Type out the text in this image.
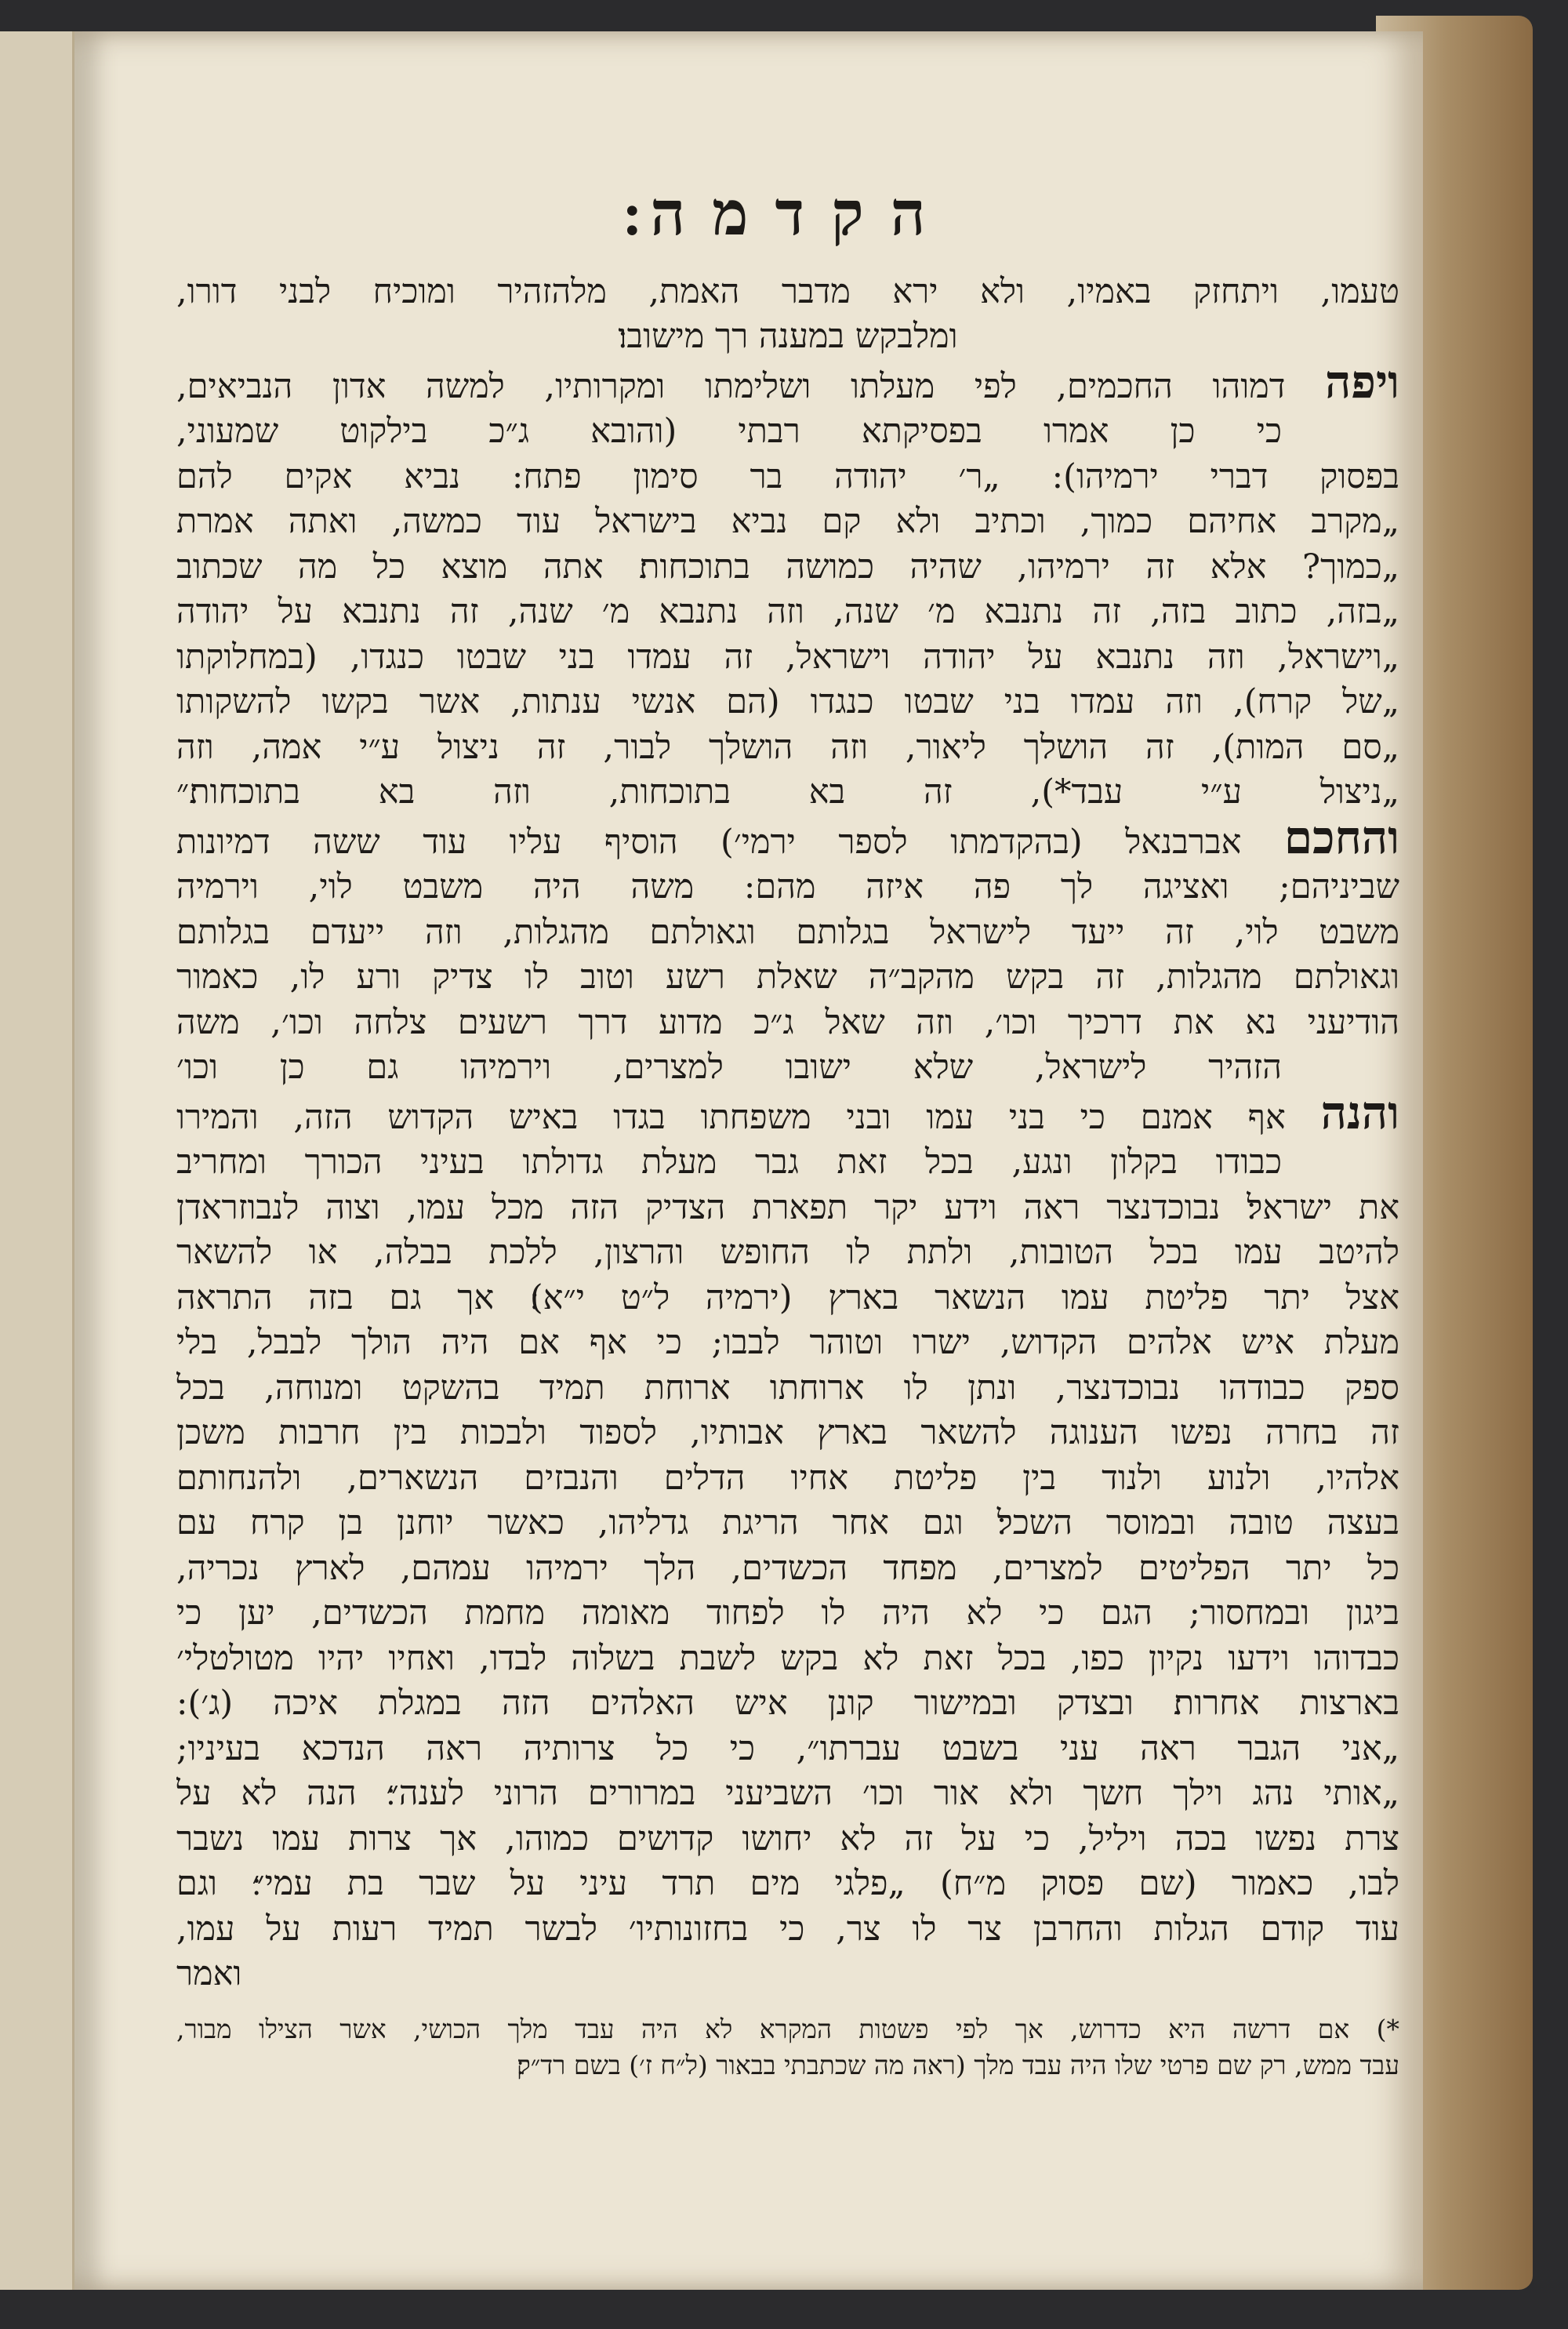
הקדמה׃
טעמו, ויתחזק באמיו, ולא ירא מדבר האמת, מלהזהיר ומוכיח לבני דורו,
ומלבקש במענה רך מישובו׃
ויפה דמוהו החכמים, לפי מעלתו ושלימתו ומקרותיו, למשה אדון הנביאים,
כי כן אמרו בפסיקתא רבתי (והובא ג״כ בילקוט שמעוני,
בפסוק דברי ירמיהו): „ר׳ יהודה בר סימון פתח: נביא אקים להם
„מקרב אחיהם כמוך, וכתיב ולא קם נביא בישראל עוד כמשה, ואתה אמרת
„כמוך? אלא זה ירמיהו, שהיה כמושה בתוכחות׃ אתה מוצא כל מה שכתוב
„בזה, כתוב בזה, זה נתנבא מ׳ שנה, וזה נתנבא מ׳ שנה, זה נתנבא על יהודה
„וישראל, וזה נתנבא על יהודה וישראל, זה עמדו בני שבטו כנגדו, (במחלוקתו
„של קרח), וזה עמדו בני שבטו כנגדו (הם אנשי ענתות, אשר בקשו להשקותו
„סם המות), זה הושלך ליאור, וזה הושלך לבור, זה ניצול ע״י אמה, וזה
„ניצול ע״י עבד*), זה בא בתוכחות, וזה בא בתוכחות׃״
והחכם אברבנאל (בהקדמתו לספר ירמי׳) הוסיף עליו עוד ששה דמיונות
שביניהם; ואציגה לך פה איזה מהם: משה היה משבט לוי, וירמיה
משבט לוי, זה ייעד לישראל בגלותם וגאולתם מהגלות, וזה ייעדם בגלותם
וגאולתם מהגלות, זה בקש מהקב״ה שאלת רשע וטוב לו צדיק ורע לו, כאמור
הודיעני נא את דרכיך וכו׳, וזה שאל ג״כ מדוע דרך רשעים צלחה וכו׳, משה
הזהיר לישראל, שלא ישובו למצרים, וירמיהו גם כן וכו׳
והנה אף אמנם כי בני עמו ובני משפחתו בגדו באיש הקדוש הזה, והמירו
כבודו בקלון ונגע, בכל זאת גבר מעלת גדולתו בעיני הכורך ומחריב
את ישראל׃ נבוכדנצר ראה וידע יקר תפארת הצדיק הזה מכל עמו, וצוה לנבוזראדן
להיטב עמו בכל הטובות, ולתת לו החופש והרצון, ללכת בבלה, או להשאר
אצל יתר פליטת עמו הנשאר בארץ (ירמיה ל״ט י״א)׃ אך גם בזה התראה
מעלת איש אלהים הקדוש, ישרו וטוהר לבבו; כי אף אם היה הולך לבבל, בלי
ספק כבודהו נבוכדנצר, ונתן לו ארוחתו ארוחת תמיד בהשקט ומנוחה, בכל
זה בחרה נפשו הענוגה להשאר בארץ אבותיו, לספוד ולבכות בין חרבות משכן
אלהיו, ולנוע ולנוד בין פליטת אחיו הדלים והנבזים הנשארים, ולהנחותם
בעצה טובה ובמוסר השכל׃ וגם אחר הריגת גדליהו, כאשר יוחנן בן קרח עם
כל יתר הפליטים למצרים, מפחד הכשדים, הלך ירמיהו עמהם, לארץ נכריה,
ביגון ובמחסור; הגם כי לא היה לו לפחוד מאומה מחמת הכשדים, יען כי
כבדוהו וידעו נקיון כפו, בכל זאת לא בקש לשבת בשלוה לבדו, ואחיו יהיו מטולטלי׳
בארצות אחרות׃ ובצדק ובמישור קונן איש האלהים הזה במגלת איכה (ג׳):
„אני הגבר ראה עני בשבט עברתו״, כי כל צרותיה ראה הנדכא בעיניו;
„אותי נהג וילך חשך ולא אור וכו׳ השביעני במרורים הרוני לענה״׃ הנה לא על
צרת נפשו בכה ויליל, כי על זה לא יחושו קדושים כמוהו, אך צרות עמו נשבר
לבו, כאמור (שם פסוק מ״ח) „פלגי מים תרד עיני על שבר בת עמי״׃ וגם
עוד קודם הגלות והחרבן צר לו צר, כי בחזונותיו׳ לבשר תמיד רעות על עמו,
ואמר
*) אם דרשה היא כדרוש, אך לפי פשטות המקרא לא היה עבד מלך הכושי, אשר הצילו מבור,
עבד ממש, רק שם פרטי שלו היה עבד מלך (ראה מה שכתבתי בבאור (ל״ח ז׳) בשם רד״ק׃
